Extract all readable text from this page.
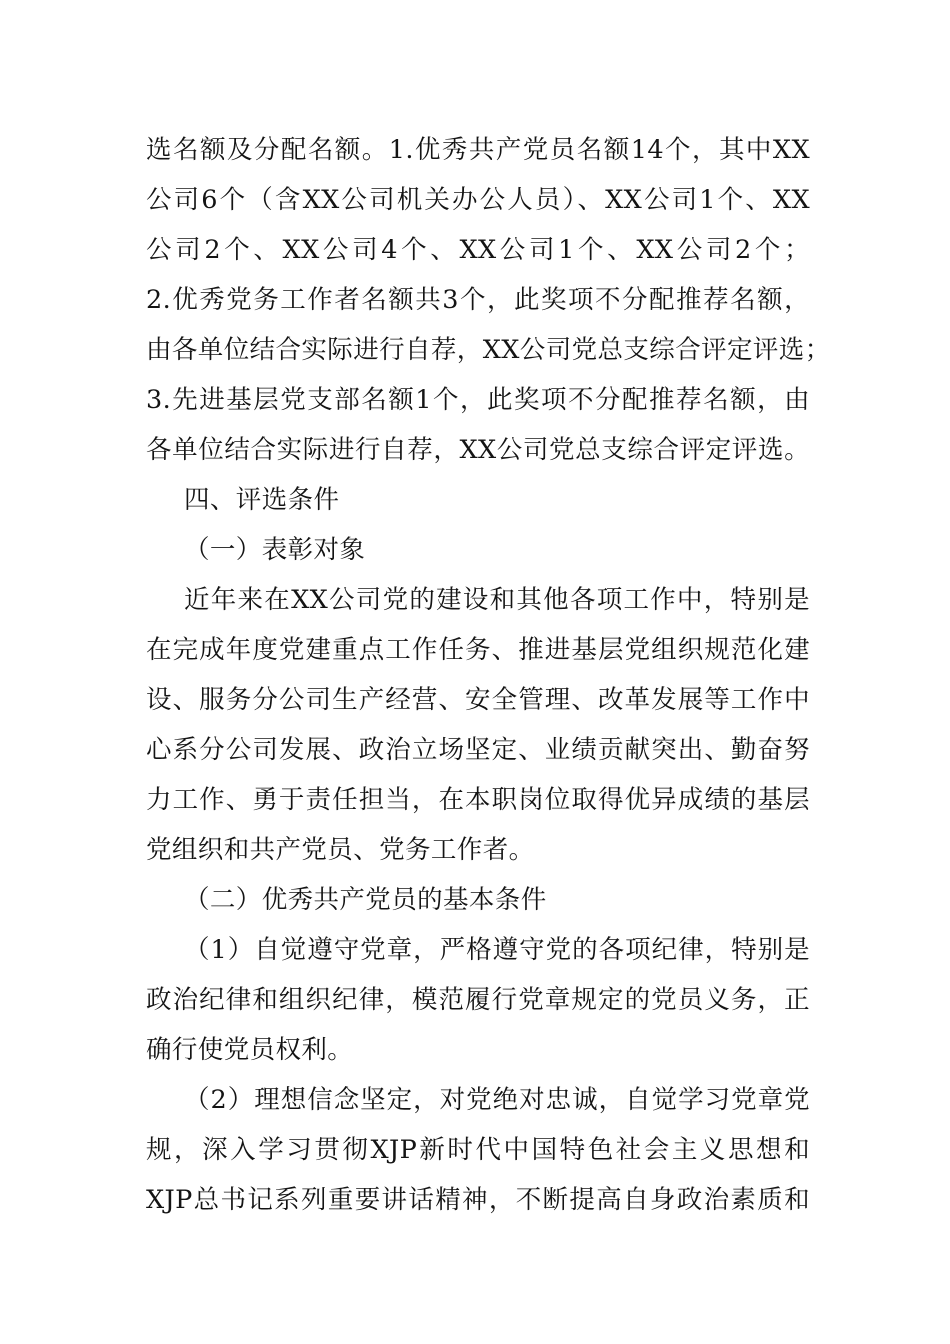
选名额及分配名额。1.优秀共产党员名额14个，其中XX
公司6个（含XX公司机关办公人员）、XX公司1个、XX
公司2个、XX公司4个、XX公司1个、XX公司2个；
2.优秀党务工作者名额共3个，此奖项不分配推荐名额，
由各单位结合实际进行自荐，XX公司党总支综合评定评选；
3.先进基层党支部名额1个，此奖项不分配推荐名额，由
各单位结合实际进行自荐，XX公司党总支综合评定评选。
四、评选条件
（一）表彰对象
近年来在XX公司党的建设和其他各项工作中，特别是
在完成年度党建重点工作任务、推进基层党组织规范化建
设、服务分公司生产经营、安全管理、改革发展等工作中
心系分公司发展、政治立场坚定、业绩贡献突出、勤奋努
力工作、勇于责任担当，在本职岗位取得优异成绩的基层
党组织和共产党员、党务工作者。
（二）优秀共产党员的基本条件
（1）自觉遵守党章，严格遵守党的各项纪律，特别是
政治纪律和组织纪律，模范履行党章规定的党员义务，正
确行使党员权利。
（2）理想信念坚定，对党绝对忠诚，自觉学习党章党
规，深入学习贯彻XJP新时代中国特色社会主义思想和
XJP总书记系列重要讲话精神，不断提高自身政治素质和
